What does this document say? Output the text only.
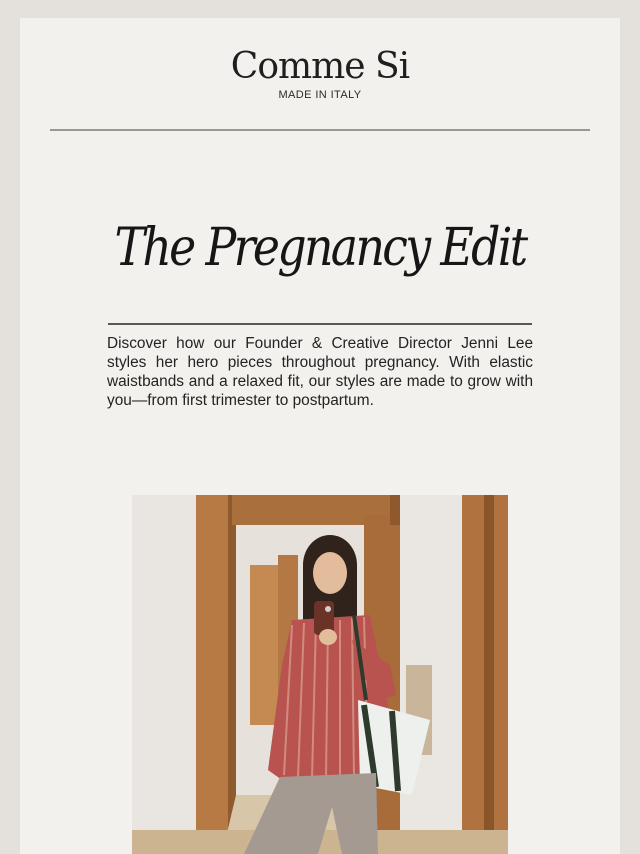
Comme Si
MADE IN ITALY
The Pregnancy Edit
Discover how our Founder & Creative Director Jenni Lee styles her hero pieces throughout pregnancy. With elastic waistbands and a relaxed fit, our styles are made to grow with you—from first trimester to postpartum.
